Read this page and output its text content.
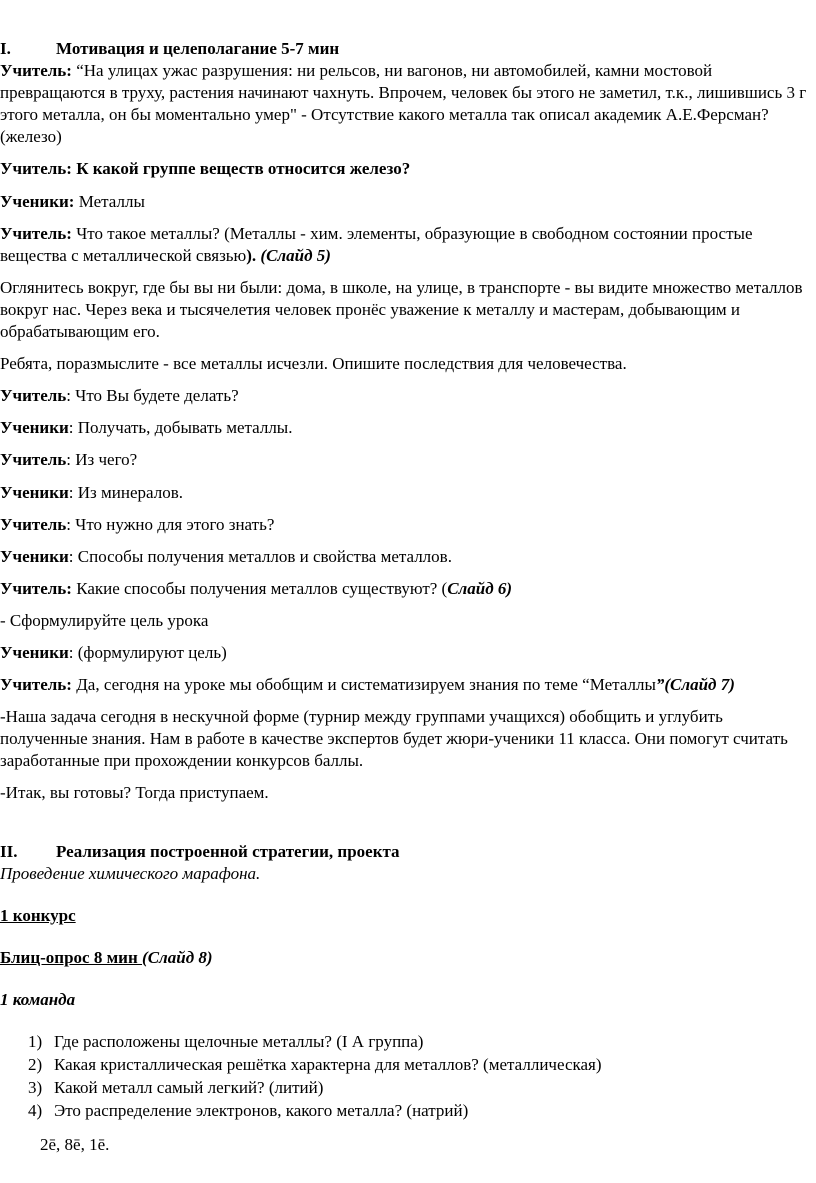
I.	Мотивация и целеполагание 5-7 мин

Учитель: “На улицах ужас разрушения: ни рельсов, ни вагонов, ни автомобилей, камни мостовой превращаются в труху, растения начинают чахнуть. Впрочем, человек бы этого не заметил, т.к., лишившись 3 г этого металла, он бы моментально умер" - Отсутствие какого металла так описал академик А.Е.Ферсман? (железо)

Учитель: К какой группе веществ относится железо?

Ученики: Металлы

Учитель: Что такое металлы? (Металлы - хим. элементы, образующие в свободном состоянии простые вещества с металлической связью). (Слайд 5)

Оглянитесь вокруг, где бы вы ни были: дома, в школе, на улице, в транспорте - вы видите множество металлов вокруг нас. Через века и тысячелетия человек пронёс уважение к металлу и мастерам, добывающим и обрабатывающим его.

Ребята, поразмыслите - все металлы исчезли. Опишите последствия для человечества.

Учитель: Что Вы будете делать?

Ученики: Получать, добывать металлы.

Учитель: Из чего?

Ученики: Из минералов.

Учитель: Что нужно для этого знать?

Ученики: Способы получения металлов и свойства металлов.

Учитель: Какие способы получения металлов существуют? (Слайд 6)

- Сформулируйте цель урока

Ученики: (формулируют цель)

Учитель: Да, сегодня на уроке мы обобщим и систематизируем знания по теме “Металлы”(Слайд 7)

-Наша задача сегодня в нескучной форме (турнир между группами учащихся) обобщить и углубить полученные знания. Нам в работе в качестве экспертов будет жюри-ученики 11 класса. Они помогут считать заработанные при прохождении конкурсов баллы.

-Итак, вы готовы? Тогда приступаем.

II.	Реализация построенной стратегии, проекта

Проведение химического марафона.

1 конкурс

Блиц-опрос 8 мин (Слайд 8)

1 команда

1) Где расположены щелочные металлы? (I А группа)
2) Какая кристаллическая решётка характерна для металлов? (металлическая)
3) Какой металл самый легкий? (литий)
4) Это распределение электронов, какого металла? (натрий)
2ē, 8ē, 1ē.
